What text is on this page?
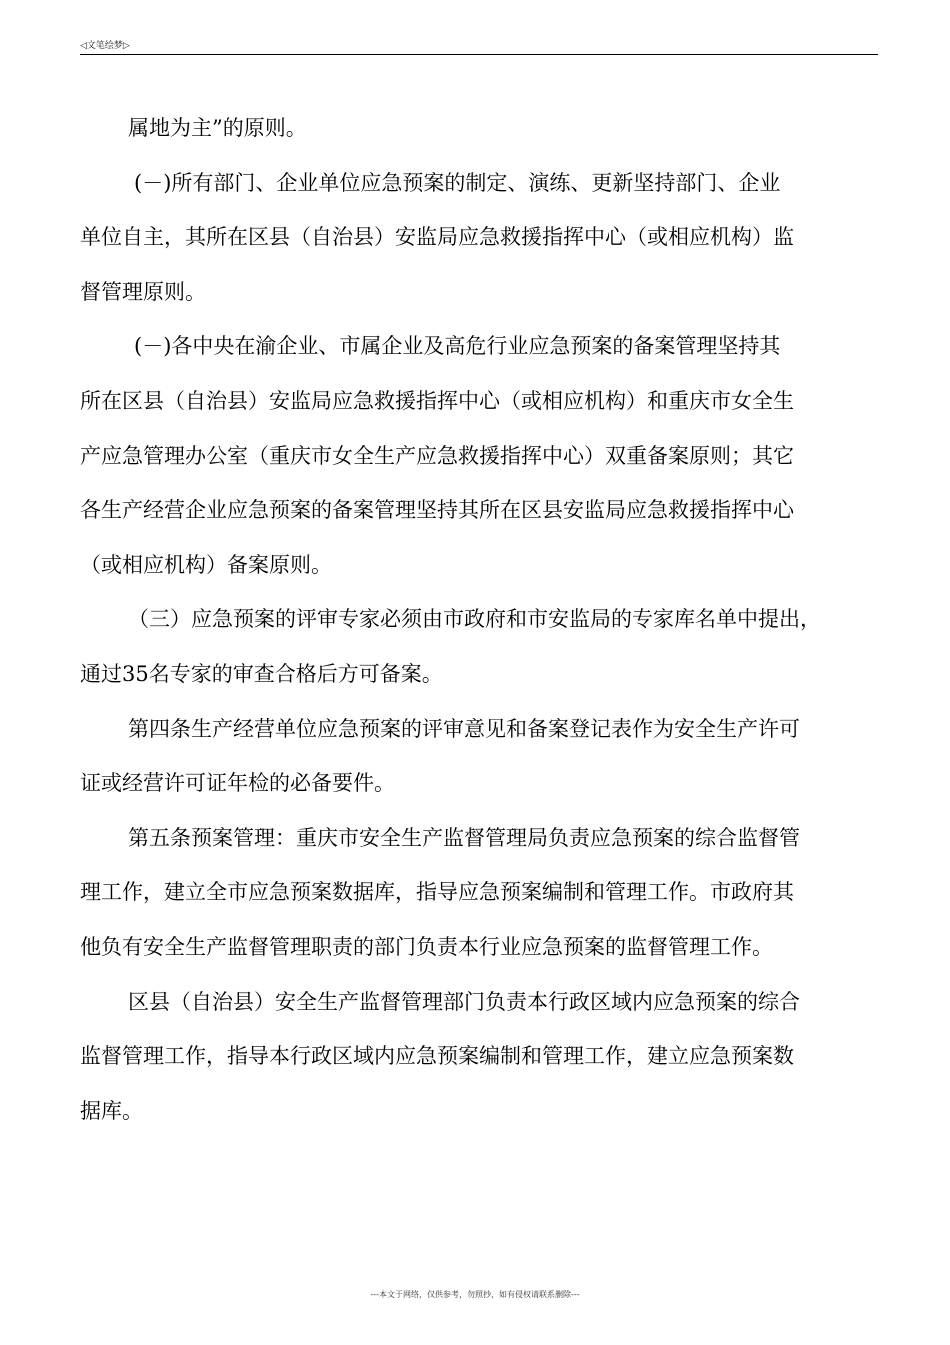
◁文笔绘梦▷
属地为主”的原则。
(－)所有部门、企业单位应急预案的制定、演练、更新坚持部门、企业
单位自主，其所在区县（自治县）安监局应急救援指挥中心（或相应机构）监
督管理原则。
(－)各中央在渝企业、市属企业及高危行业应急预案的备案管理坚持其
所在区县（自治县）安监局应急救援指挥中心（或相应机构）和重庆市女全生
产应急管理办公室（重庆市女全生产应急救援指挥中心）双重备案原则；其它
各生产经营企业应急预案的备案管理坚持其所在区县安监局应急救援指挥中心
（或相应机构）备案原则。
（三）应急预案的评审专家必须由市政府和市安监局的专家库名单中提出，
通过35名专家的审查合格后方可备案。
第四条生产经营单位应急预案的评审意见和备案登记表作为安全生产许可
证或经营许可证年检的必备要件。
第五条预案管理：重庆市安全生产监督管理局负责应急预案的综合监督管
理工作，建立全市应急预案数据库，指导应急预案编制和管理工作。市政府其
他负有安全生产监督管理职责的部门负责本行业应急预案的监督管理工作。
区县（自治县）安全生产监督管理部门负责本行政区域内应急预案的综合
监督管理工作，指导本行政区域内应急预案编制和管理工作，建立应急预案数
据库。
---本文于网络，仅供参考，勿照抄，如有侵权请联系删除---
